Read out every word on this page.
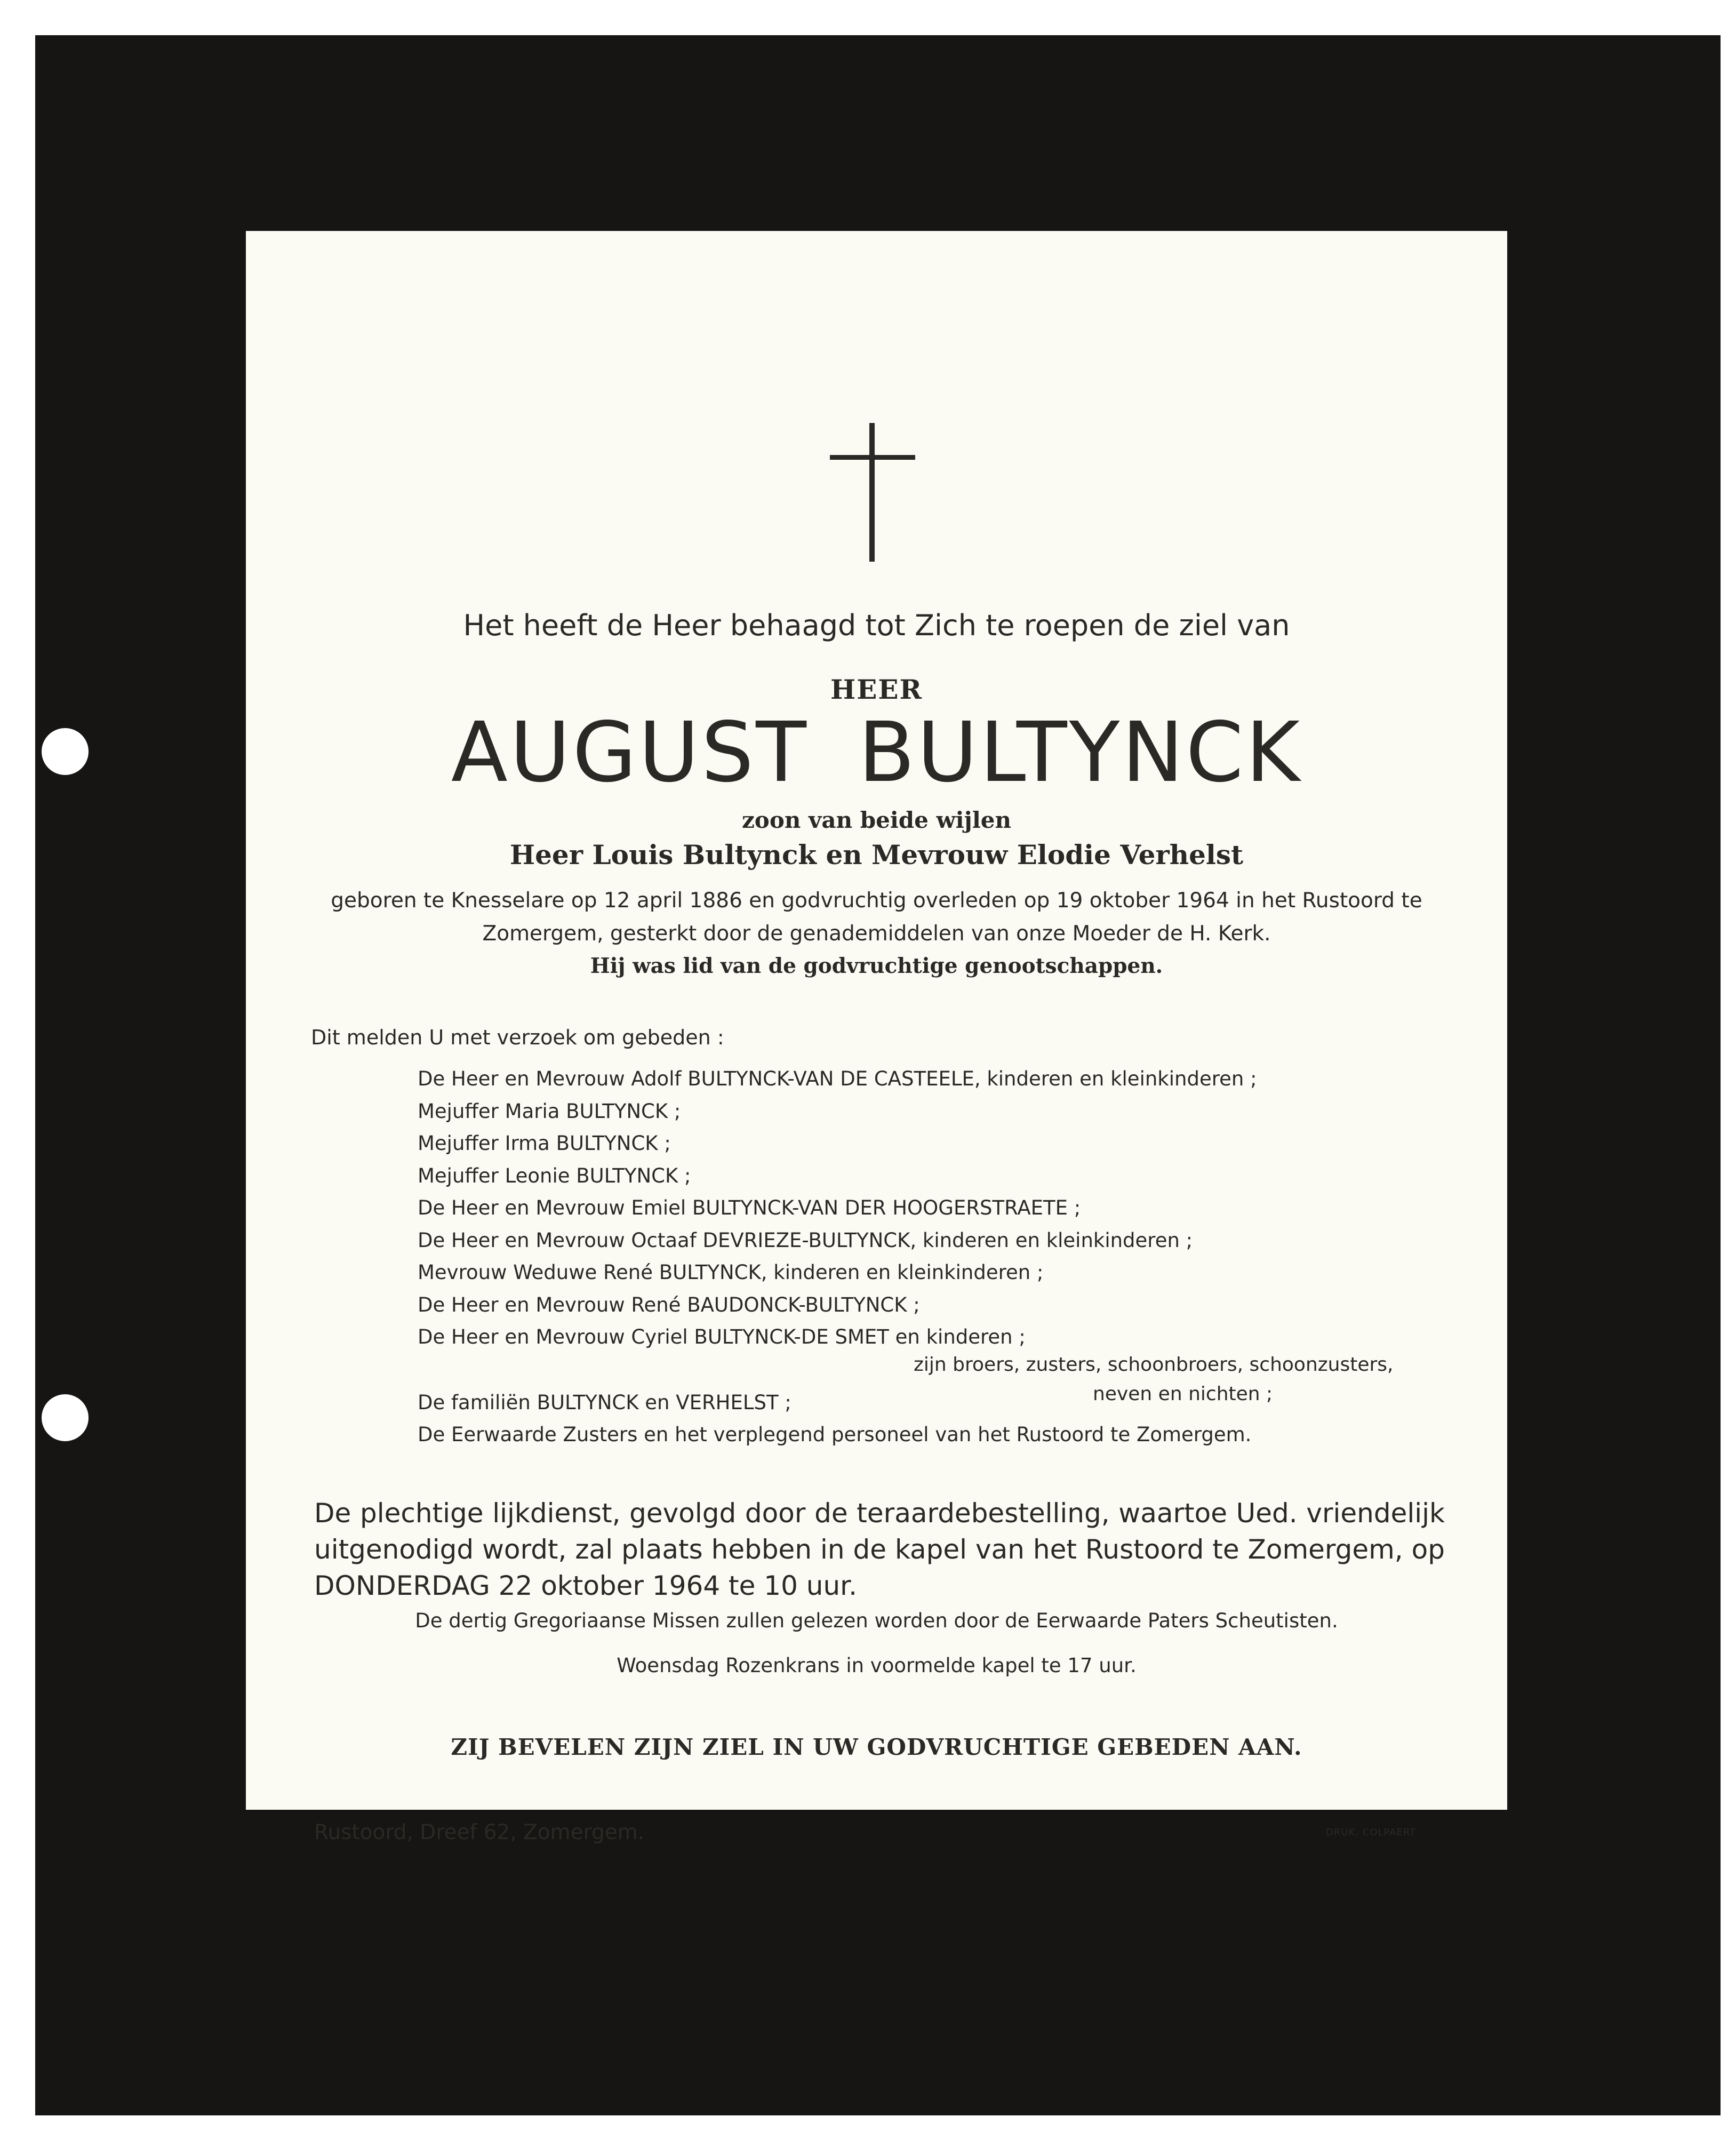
Het heeft de Heer behaagd tot Zich te roepen de ziel van
HEER
AUGUST BULTYNCK
zoon van beide wijlen
Heer Louis Bultynck en Mevrouw Elodie Verhelst
geboren te Knesselare op 12 april 1886 en godvruchtig overleden op 19 oktober 1964 in het Rustoord te
Zomergem, gesterkt door de genademiddelen van onze Moeder de H. Kerk.
Hij was lid van de godvruchtige genootschappen.
Dit melden U met verzoek om gebeden :
De Heer en Mevrouw Adolf BULTYNCK-VAN DE CASTEELE, kinderen en kleinkinderen ;
Mejuffer Maria BULTYNCK ;
Mejuffer Irma BULTYNCK ;
Mejuffer Leonie BULTYNCK ;
De Heer en Mevrouw Emiel BULTYNCK-VAN DER HOOGERSTRAETE ;
De Heer en Mevrouw Octaaf DEVRIEZE-BULTYNCK, kinderen en kleinkinderen ;
Mevrouw Weduwe René BULTYNCK, kinderen en kleinkinderen ;
De Heer en Mevrouw René BAUDONCK-BULTYNCK ;
De Heer en Mevrouw Cyriel BULTYNCK-DE SMET en kinderen ;
zijn broers, zusters, schoonbroers, schoonzusters,
neven en nichten ;
De familiën BULTYNCK en VERHELST ;
De Eerwaarde Zusters en het verplegend personeel van het Rustoord te Zomergem.
De plechtige lijkdienst, gevolgd door de teraardebestelling, waartoe Ued. vriendelijk uitgenodigd wordt, zal plaats hebben in de kapel van het Rustoord te Zomergem, op DONDERDAG 22 oktober 1964 te 10 uur.
De dertig Gregoriaanse Missen zullen gelezen worden door de Eerwaarde Paters Scheutisten.
Woensdag Rozenkrans in voormelde kapel te 17 uur.
ZIJ BEVELEN ZIJN ZIEL IN UW GODVRUCHTIGE GEBEDEN AAN.
Rustoord, Dreef 62, Zomergem.	DRUK. COLPAERT
